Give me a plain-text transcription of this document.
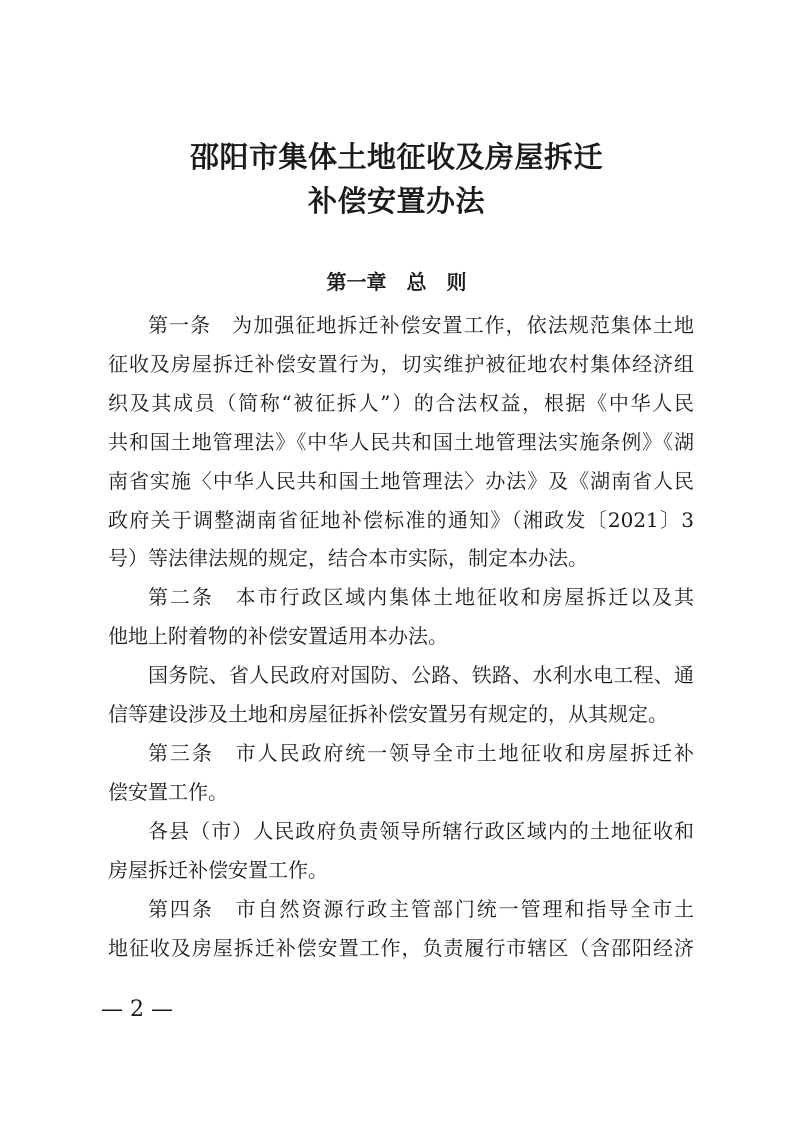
邵阳市集体土地征收及房屋拆迁
补偿安置办法
第一章　总　则
第一条　为加强征地拆迁补偿安置工作，依法规范集体土地
征收及房屋拆迁补偿安置行为，切实维护被征地农村集体经济组
织及其成员（简称“被征拆人”）的合法权益，根据《中华人民
共和国土地管理法》《中华人民共和国土地管理法实施条例》《湖
南省实施〈中华人民共和国土地管理法〉办法》及《湖南省人民
政府关于调整湖南省征地补偿标准的通知》（湘政发〔2021〕3
号）等法律法规的规定，结合本市实际，制定本办法。
第二条　本市行政区域内集体土地征收和房屋拆迁以及其
他地上附着物的补偿安置适用本办法。
国务院、省人民政府对国防、公路、铁路、水利水电工程、通
信等建设涉及土地和房屋征拆补偿安置另有规定的，从其规定。
第三条　市人民政府统一领导全市土地征收和房屋拆迁补
偿安置工作。
各县（市）人民政府负责领导所辖行政区域内的土地征收和
房屋拆迁补偿安置工作。
第四条　市自然资源行政主管部门统一管理和指导全市土
地征收及房屋拆迁补偿安置工作，负责履行市辖区（含邵阳经济
— 2 —
